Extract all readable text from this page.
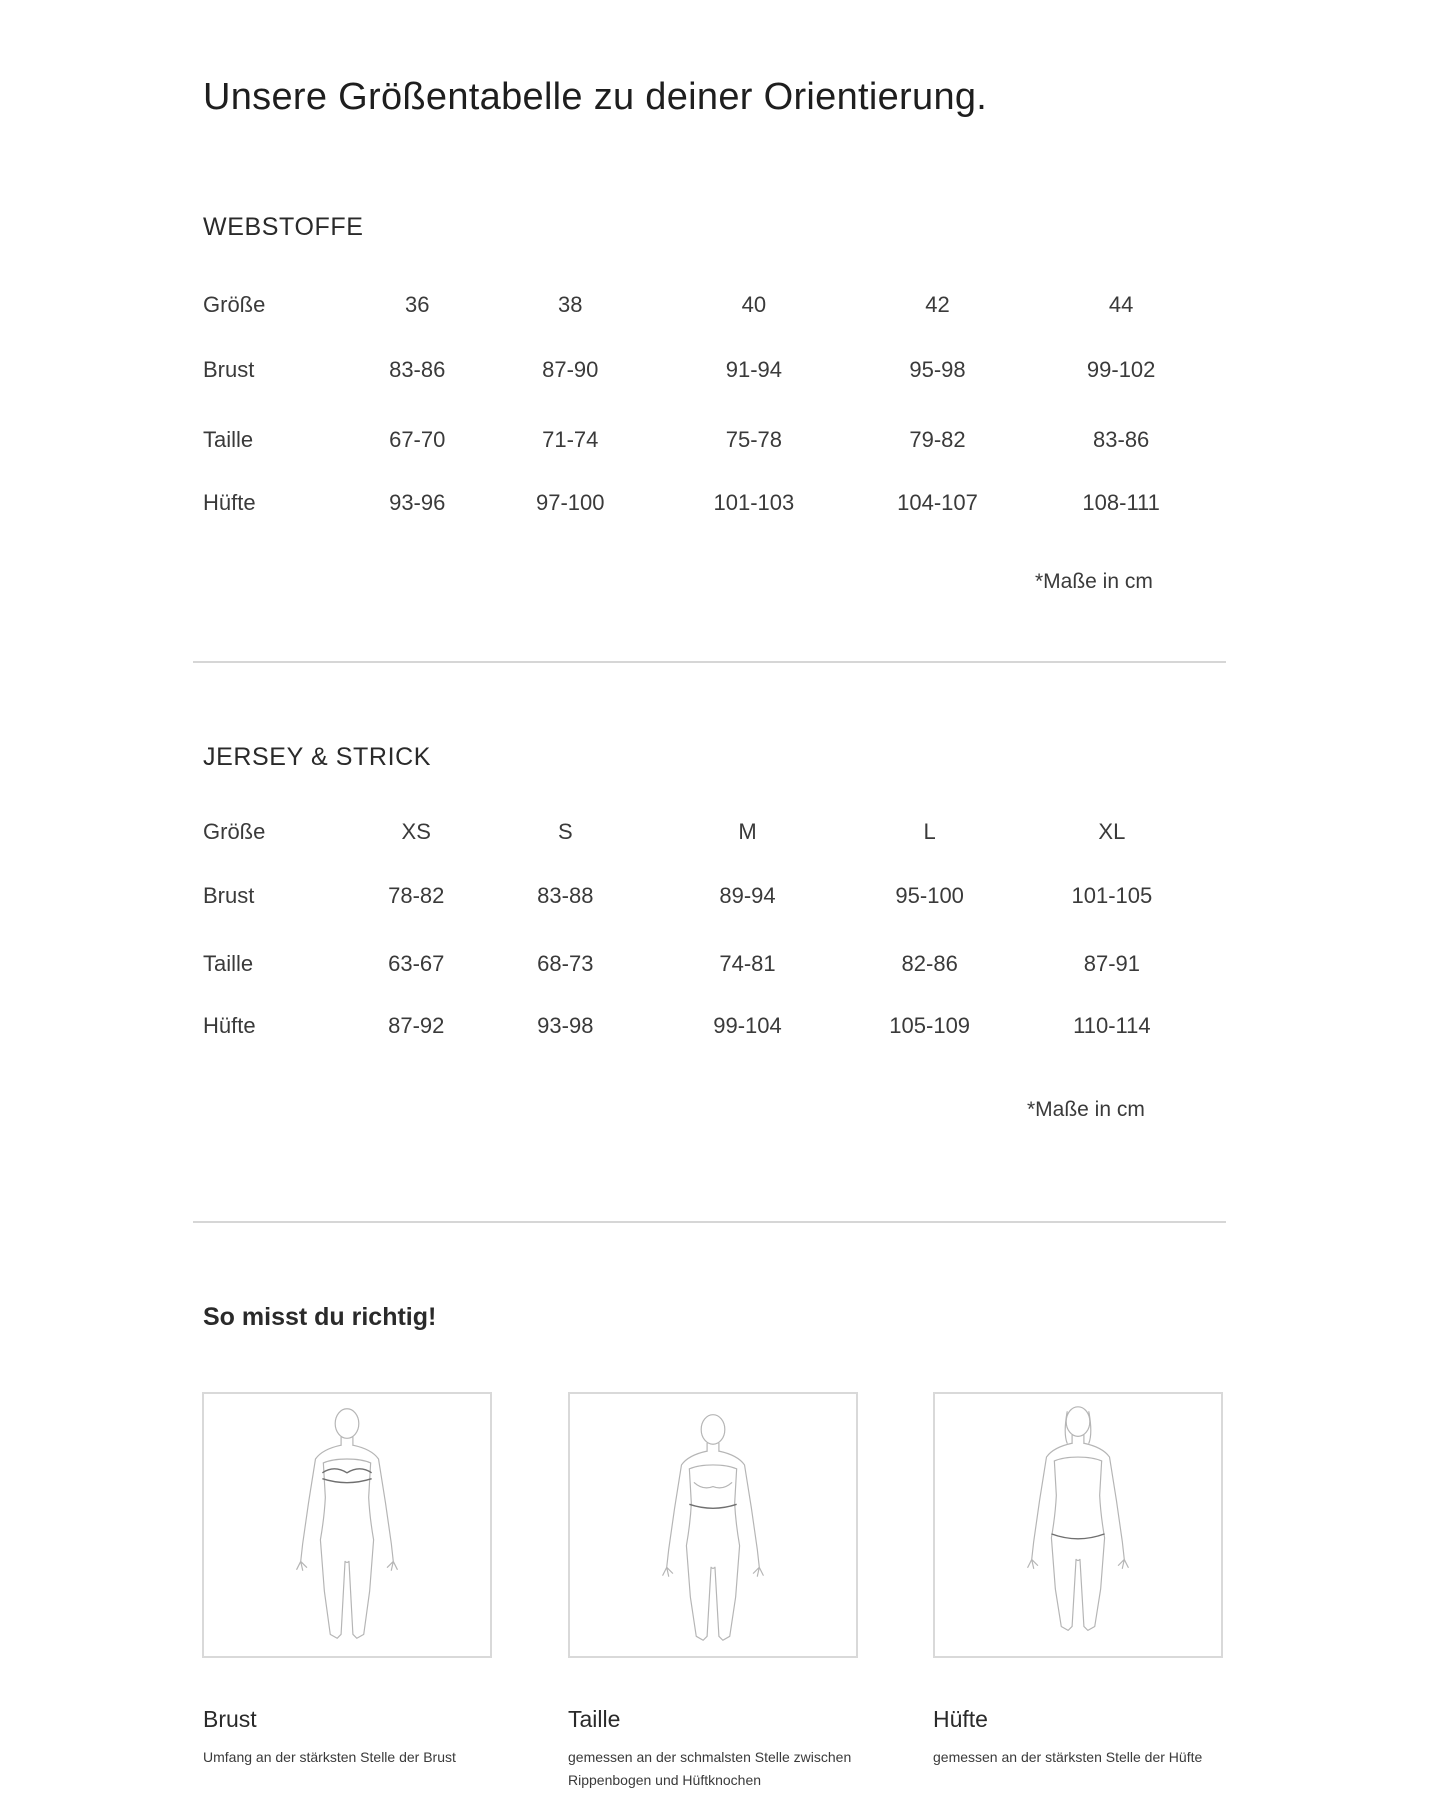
Unsere Größentabelle zu deiner Orientierung.
WEBSTOFFE
Größe	36	38	40	42	44
Brust	83-86	87-90	91-94	95-98	99-102
Taille	67-70	71-74	75-78	79-82	83-86
Hüfte	93-96	97-100	101-103	104-107	108-111
*Maße in cm
JERSEY & STRICK
Größe	XS	S	M	L	XL
Brust	78-82	83-88	89-94	95-100	101-105
Taille	63-67	68-73	74-81	82-86	87-91
Hüfte	87-92	93-98	99-104	105-109	110-114
*Maße in cm
So misst du richtig!
Brust
Umfang an der stärksten Stelle der Brust
Taille
gemessen an der schmalsten Stelle zwischen Rippenbogen und Hüftknochen
Hüfte
gemessen an der stärksten Stelle der Hüfte
